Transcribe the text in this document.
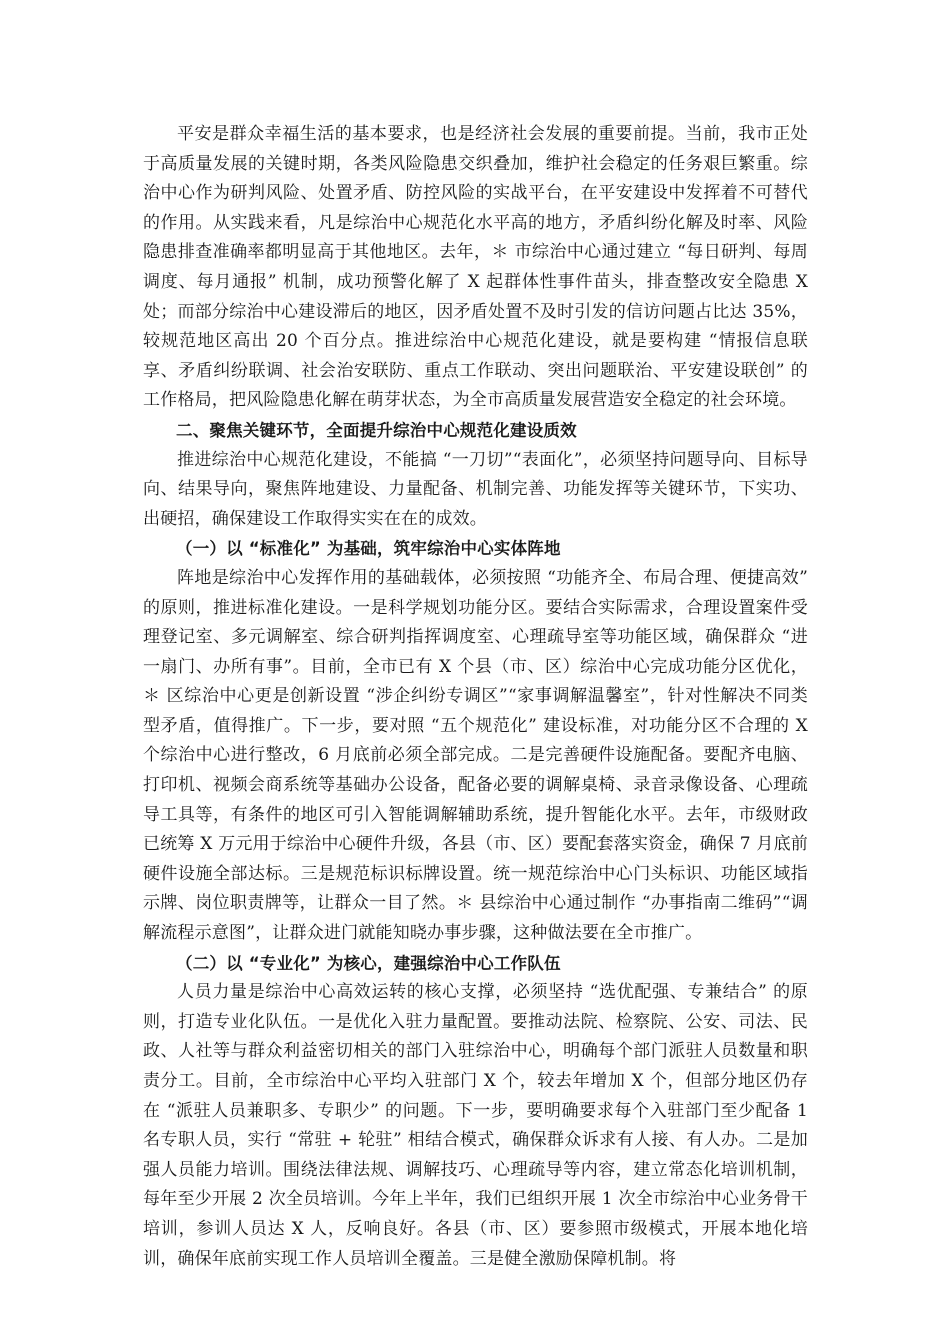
平安是群众幸福生活的基本要求，也是经济社会发展的重要前提。当前，我市正处于高质量发展的关键时期，各类风险隐患交织叠加，维护社会稳定的任务艰巨繁重。综治中心作为研判风险、处置矛盾、防控风险的实战平台，在平安建设中发挥着不可替代的作用。从实践来看，凡是综治中心规范化水平高的地方，矛盾纠纷化解及时率、风险隐患排查准确率都明显高于其他地区。去年，＊ 市综治中心通过建立 “每日研判、每周调度、每月通报” 机制，成功预警化解了 X 起群体性事件苗头，排查整改安全隐患 X 处；而部分综治中心建设滞后的地区，因矛盾处置不及时引发的信访问题占比达 35%，较规范地区高出 20 个百分点。推进综治中心规范化建设，就是要构建 “情报信息联享、矛盾纠纷联调、社会治安联防、重点工作联动、突出问题联治、平安建设联创” 的工作格局，把风险隐患化解在萌芽状态，为全市高质量发展营造安全稳定的社会环境。

二、聚焦关键环节，全面提升综治中心规范化建设质效

推进综治中心规范化建设，不能搞 “一刀切”“表面化”，必须坚持问题导向、目标导向、结果导向，聚焦阵地建设、力量配备、机制完善、功能发挥等关键环节，下实功、出硬招，确保建设工作取得实实在在的成效。

（一）以 “标准化” 为基础，筑牢综治中心实体阵地

阵地是综治中心发挥作用的基础载体，必须按照 “功能齐全、布局合理、便捷高效” 的原则，推进标准化建设。一是科学规划功能分区。要结合实际需求，合理设置案件受理登记室、多元调解室、综合研判指挥调度室、心理疏导室等功能区域，确保群众 “进一扇门、办所有事”。目前，全市已有 X 个县（市、区）综治中心完成功能分区优化，＊ 区综治中心更是创新设置 “涉企纠纷专调区”“家事调解温馨室”，针对性解决不同类型矛盾，值得推广。下一步，要对照 “五个规范化” 建设标准，对功能分区不合理的 X 个综治中心进行整改，6 月底前必须全部完成。二是完善硬件设施配备。要配齐电脑、打印机、视频会商系统等基础办公设备，配备必要的调解桌椅、录音录像设备、心理疏导工具等，有条件的地区可引入智能调解辅助系统，提升智能化水平。去年，市级财政已统筹 X 万元用于综治中心硬件升级，各县（市、区）要配套落实资金，确保 7 月底前硬件设施全部达标。三是规范标识标牌设置。统一规范综治中心门头标识、功能区域指示牌、岗位职责牌等，让群众一目了然。＊ 县综治中心通过制作 “办事指南二维码”“调解流程示意图”，让群众进门就能知晓办事步骤，这种做法要在全市推广。

（二）以 “专业化” 为核心，建强综治中心工作队伍

人员力量是综治中心高效运转的核心支撑，必须坚持 “选优配强、专兼结合” 的原则，打造专业化队伍。一是优化入驻力量配置。要推动法院、检察院、公安、司法、民政、人社等与群众利益密切相关的部门入驻综治中心，明确每个部门派驻人员数量和职责分工。目前，全市综治中心平均入驻部门 X 个，较去年增加 X 个，但部分地区仍存在 “派驻人员兼职多、专职少” 的问题。下一步，要明确要求每个入驻部门至少配备 1 名专职人员，实行 “常驻 + 轮驻” 相结合模式，确保群众诉求有人接、有人办。二是加强人员能力培训。围绕法律法规、调解技巧、心理疏导等内容，建立常态化培训机制，每年至少开展 2 次全员培训。今年上半年，我们已组织开展 1 次全市综治中心业务骨干培训，参训人员达 X 人，反响良好。各县（市、区）要参照市级模式，开展本地化培训，确保年底前实现工作人员培训全覆盖。三是健全激励保障机制。将
